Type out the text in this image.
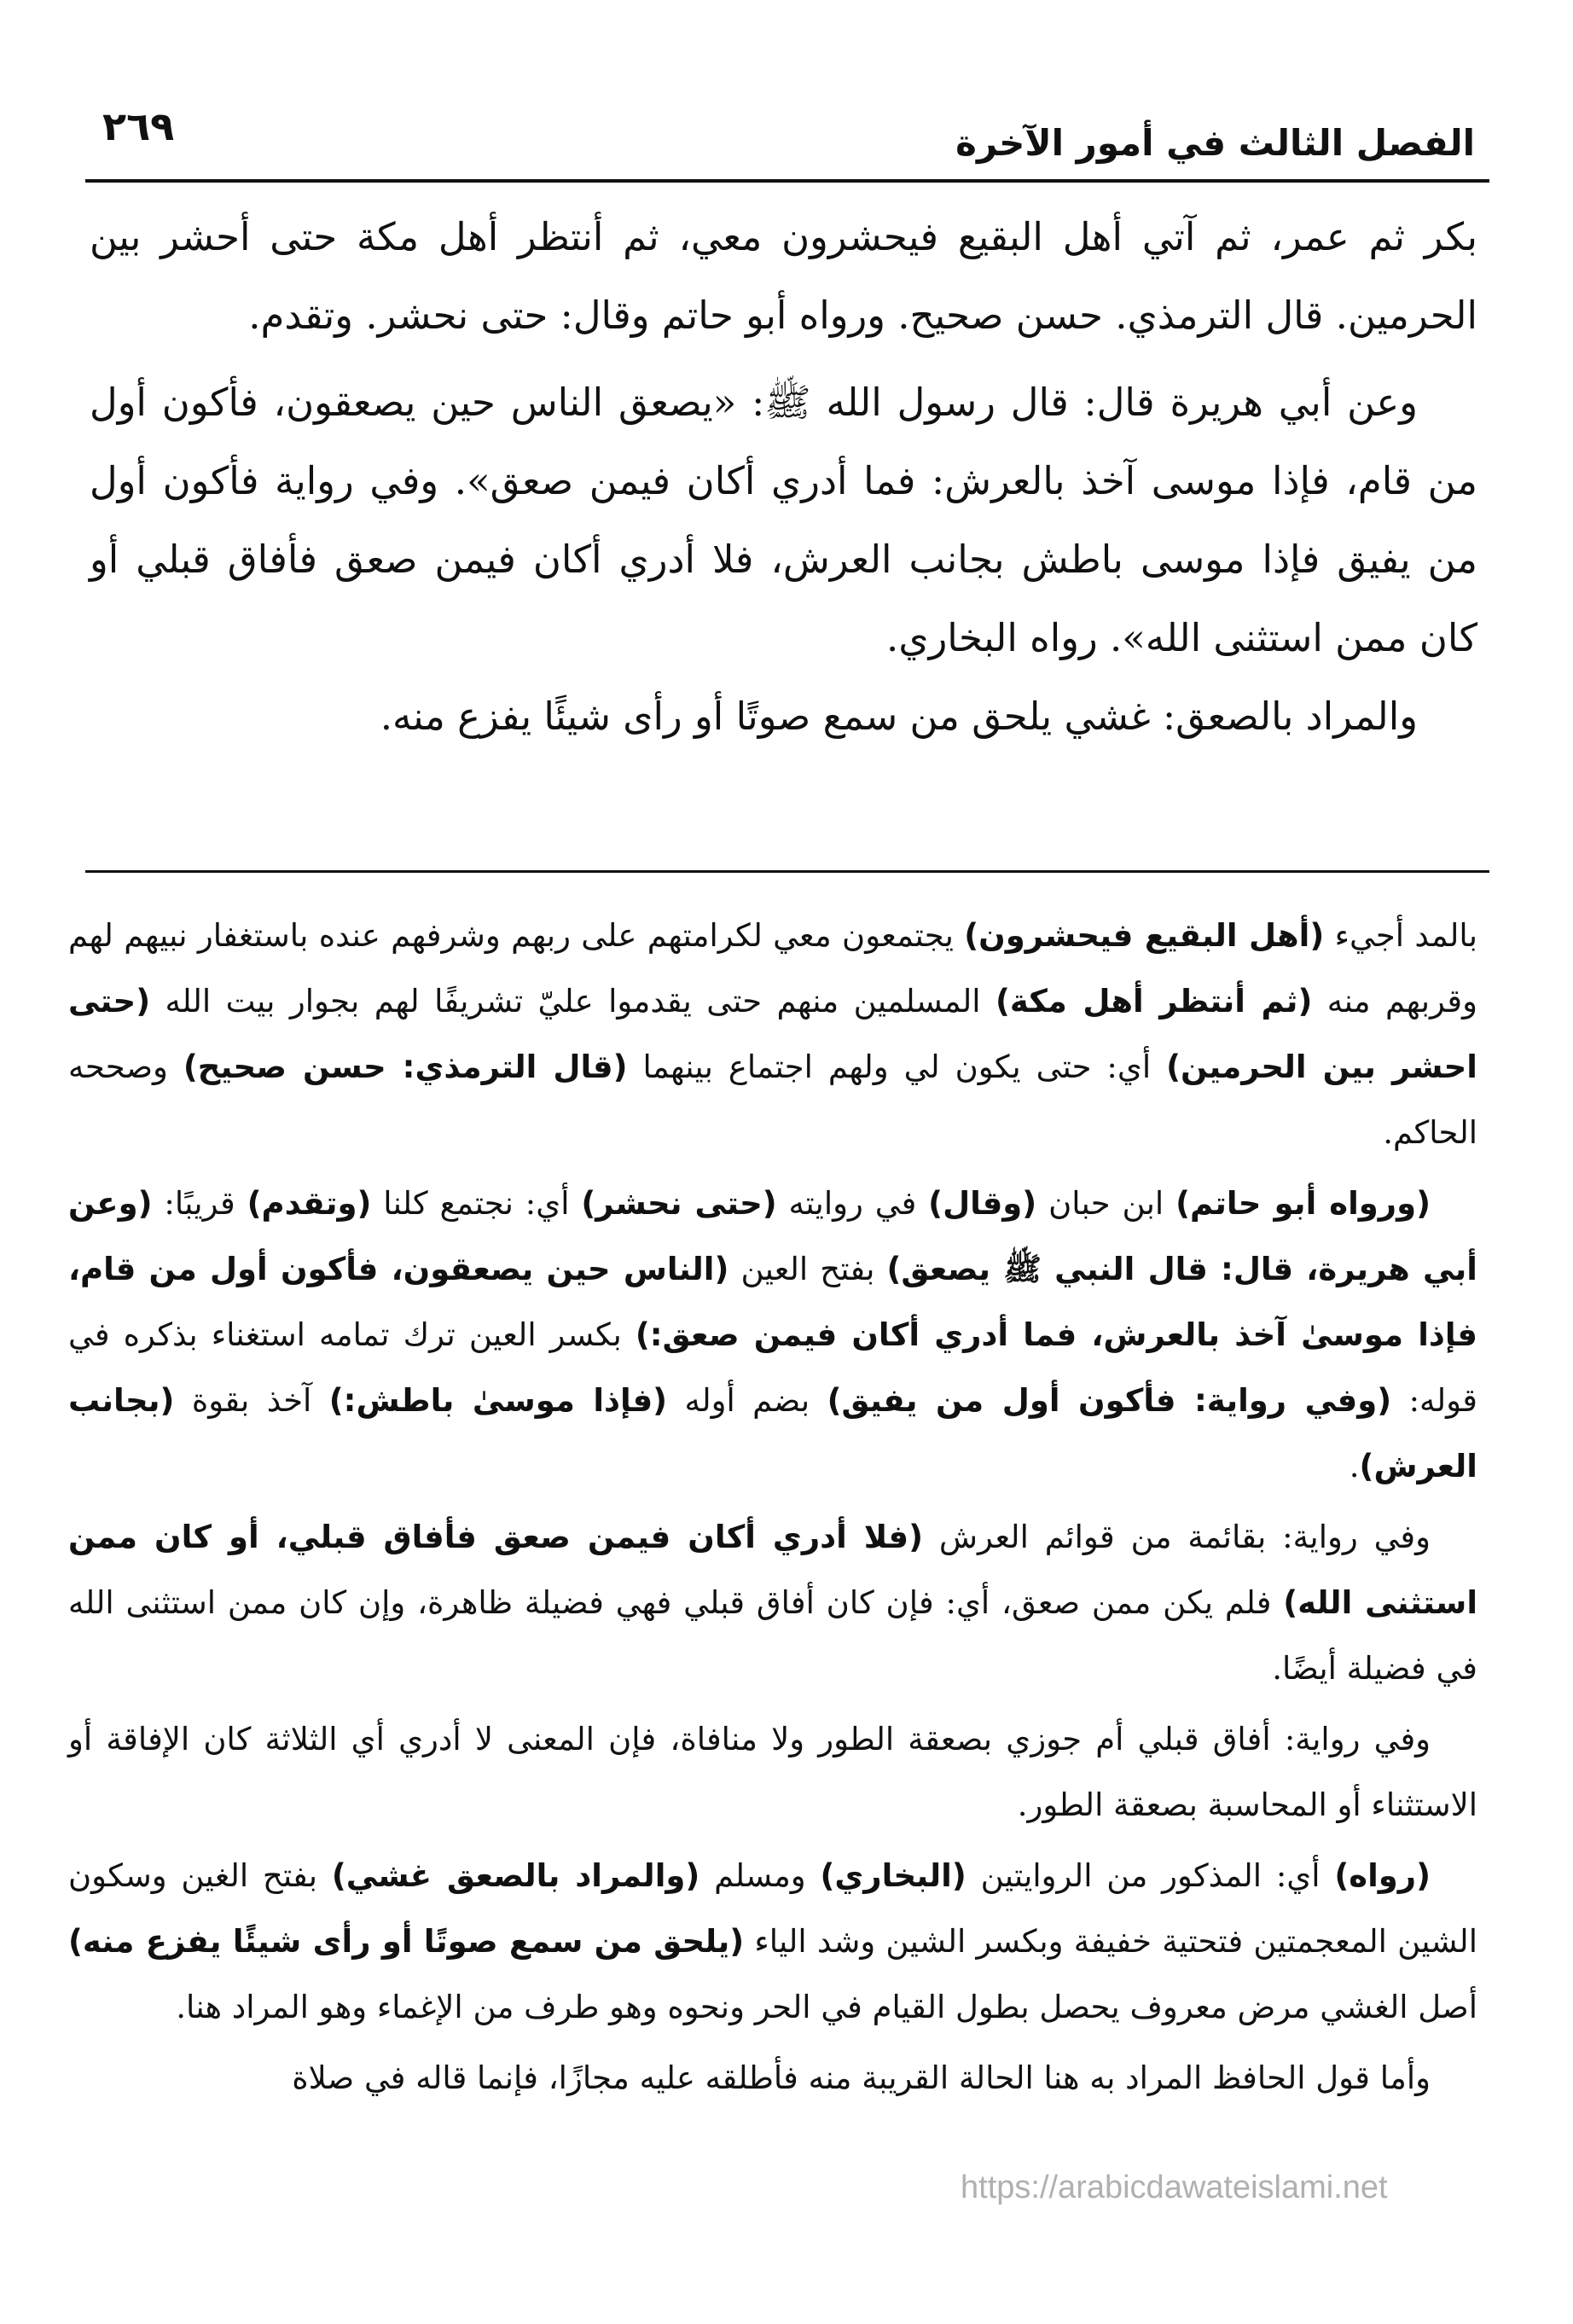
الفصل الثالث في أمور الآخرة
٢٦٩

بكر ثم عمر، ثم آتي أهل البقيع فيحشرون معي، ثم أنتظر أهل مكة حتى أحشر بين الحرمين. قال الترمذي. حسن صحيح. ورواه أبو حاتم وقال: حتى نحشر. وتقدم.

وعن أبي هريرة قال: قال رسول الله ﷺ: «يصعق الناس حين يصعقون، فأكون أول من قام، فإذا موسى آخذ بالعرش: فما أدري أكان فيمن صعق». وفي رواية فأكون أول من يفيق فإذا موسى باطش بجانب العرش، فلا أدري أكان فيمن صعق فأفاق قبلي أو كان ممن استثنى الله». رواه البخاري.

والمراد بالصعق: غشي يلحق من سمع صوتًا أو رأى شيئًا يفزع منه.

بالمد أجيء (أهل البقيع فيحشرون) يجتمعون معي لكرامتهم على ربهم وشرفهم عنده باستغفار نبيهم لهم وقربهم منه (ثم أنتظر أهل مكة) المسلمين منهم حتى يقدموا عليّ تشريفًا لهم بجوار بيت الله (حتى احشر بين الحرمين) أي: حتى يكون لي ولهم اجتماع بينهما (قال الترمذي: حسن صحيح) وصححه الحاكم.

(ورواه أبو حاتم) ابن حبان (وقال) في روايته (حتى نحشر) أي: نجتمع كلنا (وتقدم) قريبًا: (وعن أبي هريرة، قال: قال النبي ﷺ يصعق) بفتح العين (الناس حين يصعقون، فأكون أول من قام، فإذا موسىٰ آخذ بالعرش، فما أدري أكان فيمن صعق:) بكسر العين ترك تمامه استغناء بذكره في قوله: (وفي رواية: فأكون أول من يفيق) بضم أوله (فإذا موسىٰ باطش:) آخذ بقوة (بجانب العرش).

وفي رواية: بقائمة من قوائم العرش (فلا أدري أكان فيمن صعق فأفاق قبلي، أو كان ممن استثنى الله) فلم يكن ممن صعق، أي: فإن كان أفاق قبلي فهي فضيلة ظاهرة، وإن كان ممن استثنى الله في فضيلة أيضًا.

وفي رواية: أفاق قبلي أم جوزي بصعقة الطور ولا منافاة، فإن المعنى لا أدري أي الثلاثة كان الإفاقة أو الاستثناء أو المحاسبة بصعقة الطور.

(رواه) أي: المذكور من الروايتين (البخاري) ومسلم (والمراد بالصعق غشي) بفتح الغين وسكون الشين المعجمتين فتحتية خفيفة وبكسر الشين وشد الياء (يلحق من سمع صوتًا أو رأى شيئًا يفزع منه) أصل الغشي مرض معروف يحصل بطول القيام في الحر ونحوه وهو طرف من الإغماء وهو المراد هنا.

وأما قول الحافظ المراد به هنا الحالة القريبة منه فأطلقه عليه مجازًا، فإنما قاله في صلاة

https://arabicdawateislami.net
